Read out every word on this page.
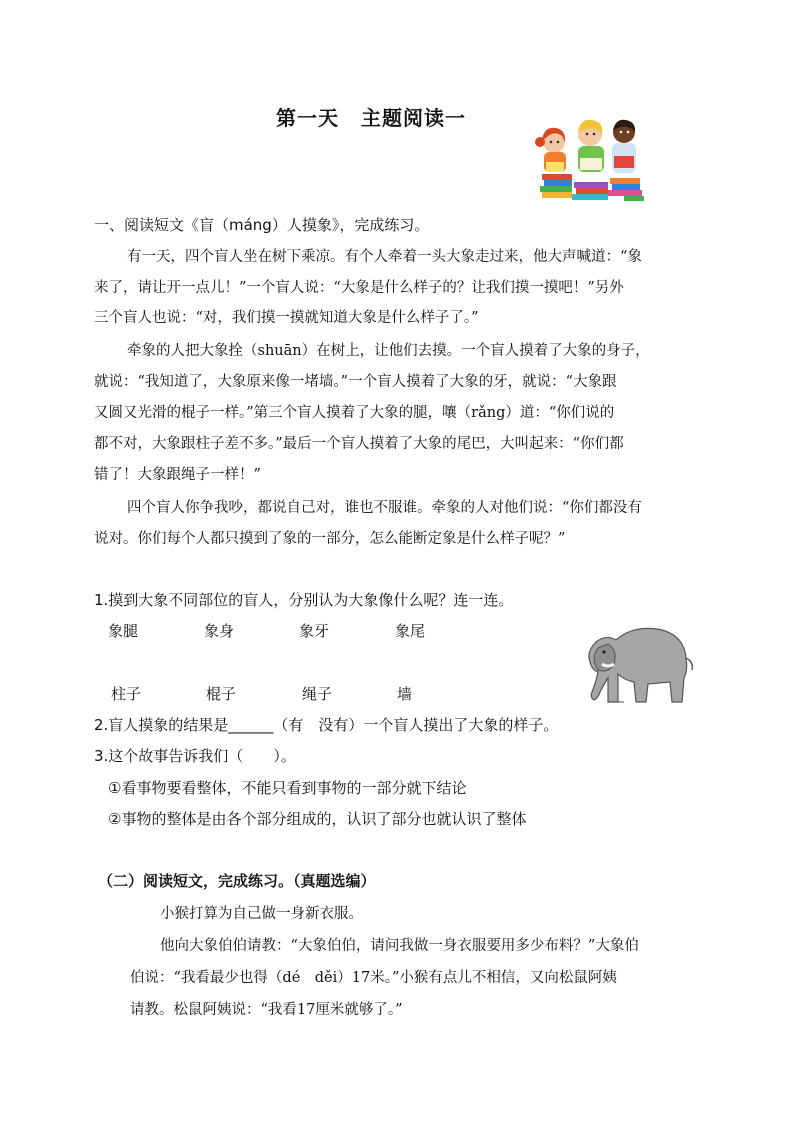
第一天 主题阅读一
一、阅读短文《盲（máng）人摸象》，完成练习。
有一天，四个盲人坐在树下乘凉。有个人牵着一头大象走过来，他大声喊道：“象
来了，请让开一点儿！”一个盲人说：“大象是什么样子的？让我们摸一摸吧！”另外
三个盲人也说：“对，我们摸一摸就知道大象是什么样子了。”
牵象的人把大象拴（shuān）在树上，让他们去摸。一个盲人摸着了大象的身子，
就说：“我知道了，大象原来像一堵墙。”一个盲人摸着了大象的牙，就说：“大象跟
又圆又光滑的棍子一样。”第三个盲人摸着了大象的腿，嚷（rǎng）道：“你们说的
都不对，大象跟柱子差不多。”最后一个盲人摸着了大象的尾巴，大叫起来：“你们都
错了！大象跟绳子一样！”
四个盲人你争我吵，都说自己对，谁也不服谁。牵象的人对他们说：“你们都没有
说对。你们每个人都只摸到了象的一部分，怎么能断定象是什么样子呢？”
1.摸到大象不同部位的盲人，分别认为大象像什么呢？连一连。
象腿	象身	象牙	象尾
柱子	棍子	绳子	墙
2.盲人摸象的结果是______（有　没有）一个盲人摸出了大象的样子。
3.这个故事告诉我们（　　）。
①看事物要看整体，不能只看到事物的一部分就下结论
②事物的整体是由各个部分组成的，认识了部分也就认识了整体
（二）阅读短文，完成练习。（真题选编）
小猴打算为自己做一身新衣服。
他向大象伯伯请教：“大象伯伯，请问我做一身衣服要用多少布料？”大象伯
伯说：“我看最少也得（dé　děi）17米。”小猴有点儿不相信，又向松鼠阿姨
请教。松鼠阿姨说：“我看17厘米就够了。”
